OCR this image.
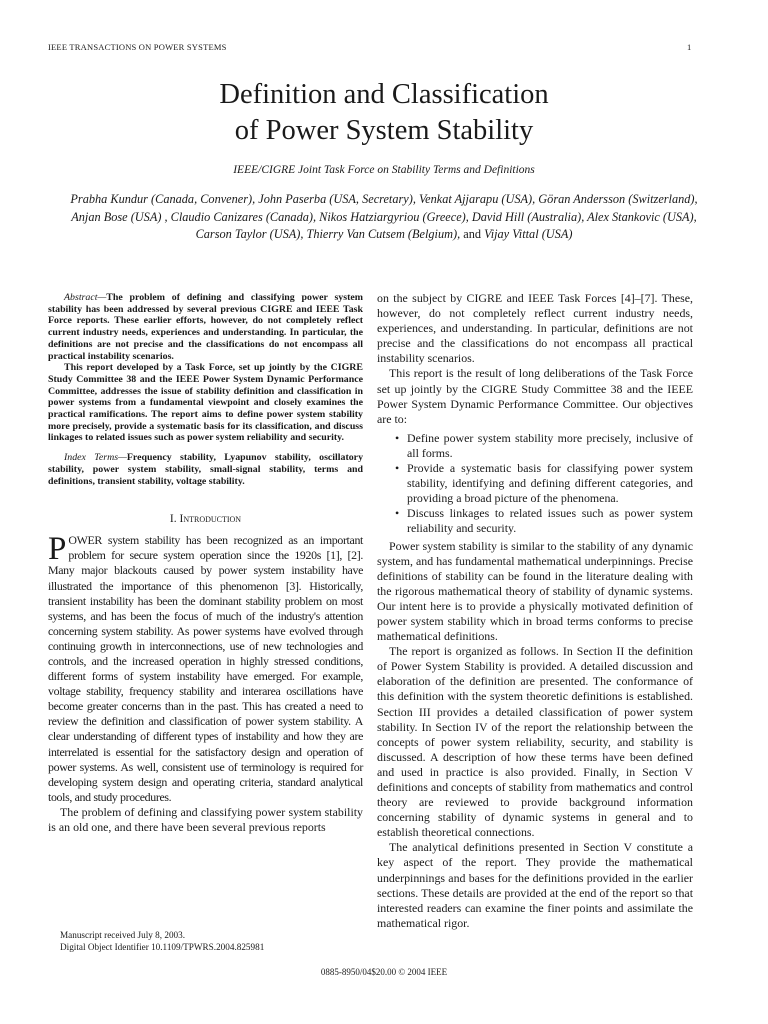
IEEE TRANSACTIONS ON POWER SYSTEMS	1
Definition and Classification
of Power System Stability
IEEE/CIGRE Joint Task Force on Stability Terms and Definitions
Prabha Kundur (Canada, Convener), John Paserba (USA, Secretary), Venkat Ajjarapu (USA), Göran Andersson (Switzerland), Anjan Bose (USA) , Claudio Canizares (Canada), Nikos Hatziargyriou (Greece), David Hill (Australia), Alex Stankovic (USA), Carson Taylor (USA), Thierry Van Cutsem (Belgium), and Vijay Vittal (USA)

Abstract—The problem of defining and classifying power system stability has been addressed by several previous CIGRE and IEEE Task Force reports. These earlier efforts, however, do not completely reflect current industry needs, experiences and understanding. In particular, the definitions are not precise and the classifications do not encompass all practical instability scenarios.

This report developed by a Task Force, set up jointly by the CIGRE Study Committee 38 and the IEEE Power System Dynamic Performance Committee, addresses the issue of stability definition and classification in power systems from a fundamental viewpoint and closely examines the practical ramifications. The report aims to define power system stability more precisely, provide a systematic basis for its classification, and discuss linkages to related issues such as power system reliability and security.

Index Terms—Frequency stability, Lyapunov stability, oscillatory stability, power system stability, small-signal stability, terms and definitions, transient stability, voltage stability.

I. Introduction

POWER system stability has been recognized as an important problem for secure system operation since the 1920s [1], [2]. Many major blackouts caused by power system instability have illustrated the importance of this phenomenon [3]. Historically, transient instability has been the dominant stability problem on most systems, and has been the focus of much of the industry's attention concerning system stability. As power systems have evolved through continuing growth in interconnections, use of new technologies and controls, and the increased operation in highly stressed conditions, different forms of system instability have emerged. For example, voltage stability, frequency stability and interarea oscillations have become greater concerns than in the past. This has created a need to review the definition and classification of power system stability. A clear understanding of different types of instability and how they are interrelated is essential for the satisfactory design and operation of power systems. As well, consistent use of terminology is required for developing system design and operating criteria, standard analytical tools, and study procedures.

The problem of defining and classifying power system stability is an old one, and there have been several previous reports

on the subject by CIGRE and IEEE Task Forces [4]–[7]. These, however, do not completely reflect current industry needs, experiences, and understanding. In particular, definitions are not precise and the classifications do not encompass all practical instability scenarios.

This report is the result of long deliberations of the Task Force set up jointly by the CIGRE Study Committee 38 and the IEEE Power System Dynamic Performance Committee. Our objectives are to:

• Define power system stability more precisely, inclusive of all forms.
• Provide a systematic basis for classifying power system stability, identifying and defining different categories, and providing a broad picture of the phenomena.
• Discuss linkages to related issues such as power system reliability and security.

Power system stability is similar to the stability of any dynamic system, and has fundamental mathematical underpinnings. Precise definitions of stability can be found in the literature dealing with the rigorous mathematical theory of stability of dynamic systems. Our intent here is to provide a physically motivated definition of power system stability which in broad terms conforms to precise mathematical definitions.

The report is organized as follows. In Section II the definition of Power System Stability is provided. A detailed discussion and elaboration of the definition are presented. The conformance of this definition with the system theoretic definitions is established. Section III provides a detailed classification of power system stability. In Section IV of the report the relationship between the concepts of power system reliability, security, and stability is discussed. A description of how these terms have been defined and used in practice is also provided. Finally, in Section V definitions and concepts of stability from mathematics and control theory are reviewed to provide background information concerning stability of dynamic systems in general and to establish theoretical connections.

The analytical definitions presented in Section V constitute a key aspect of the report. They provide the mathematical underpinnings and bases for the definitions provided in the earlier sections. These details are provided at the end of the report so that interested readers can examine the finer points and assimilate the mathematical rigor.

Manuscript received July 8, 2003.
Digital Object Identifier 10.1109/TPWRS.2004.825981
0885-8950/04$20.00 © 2004 IEEE
